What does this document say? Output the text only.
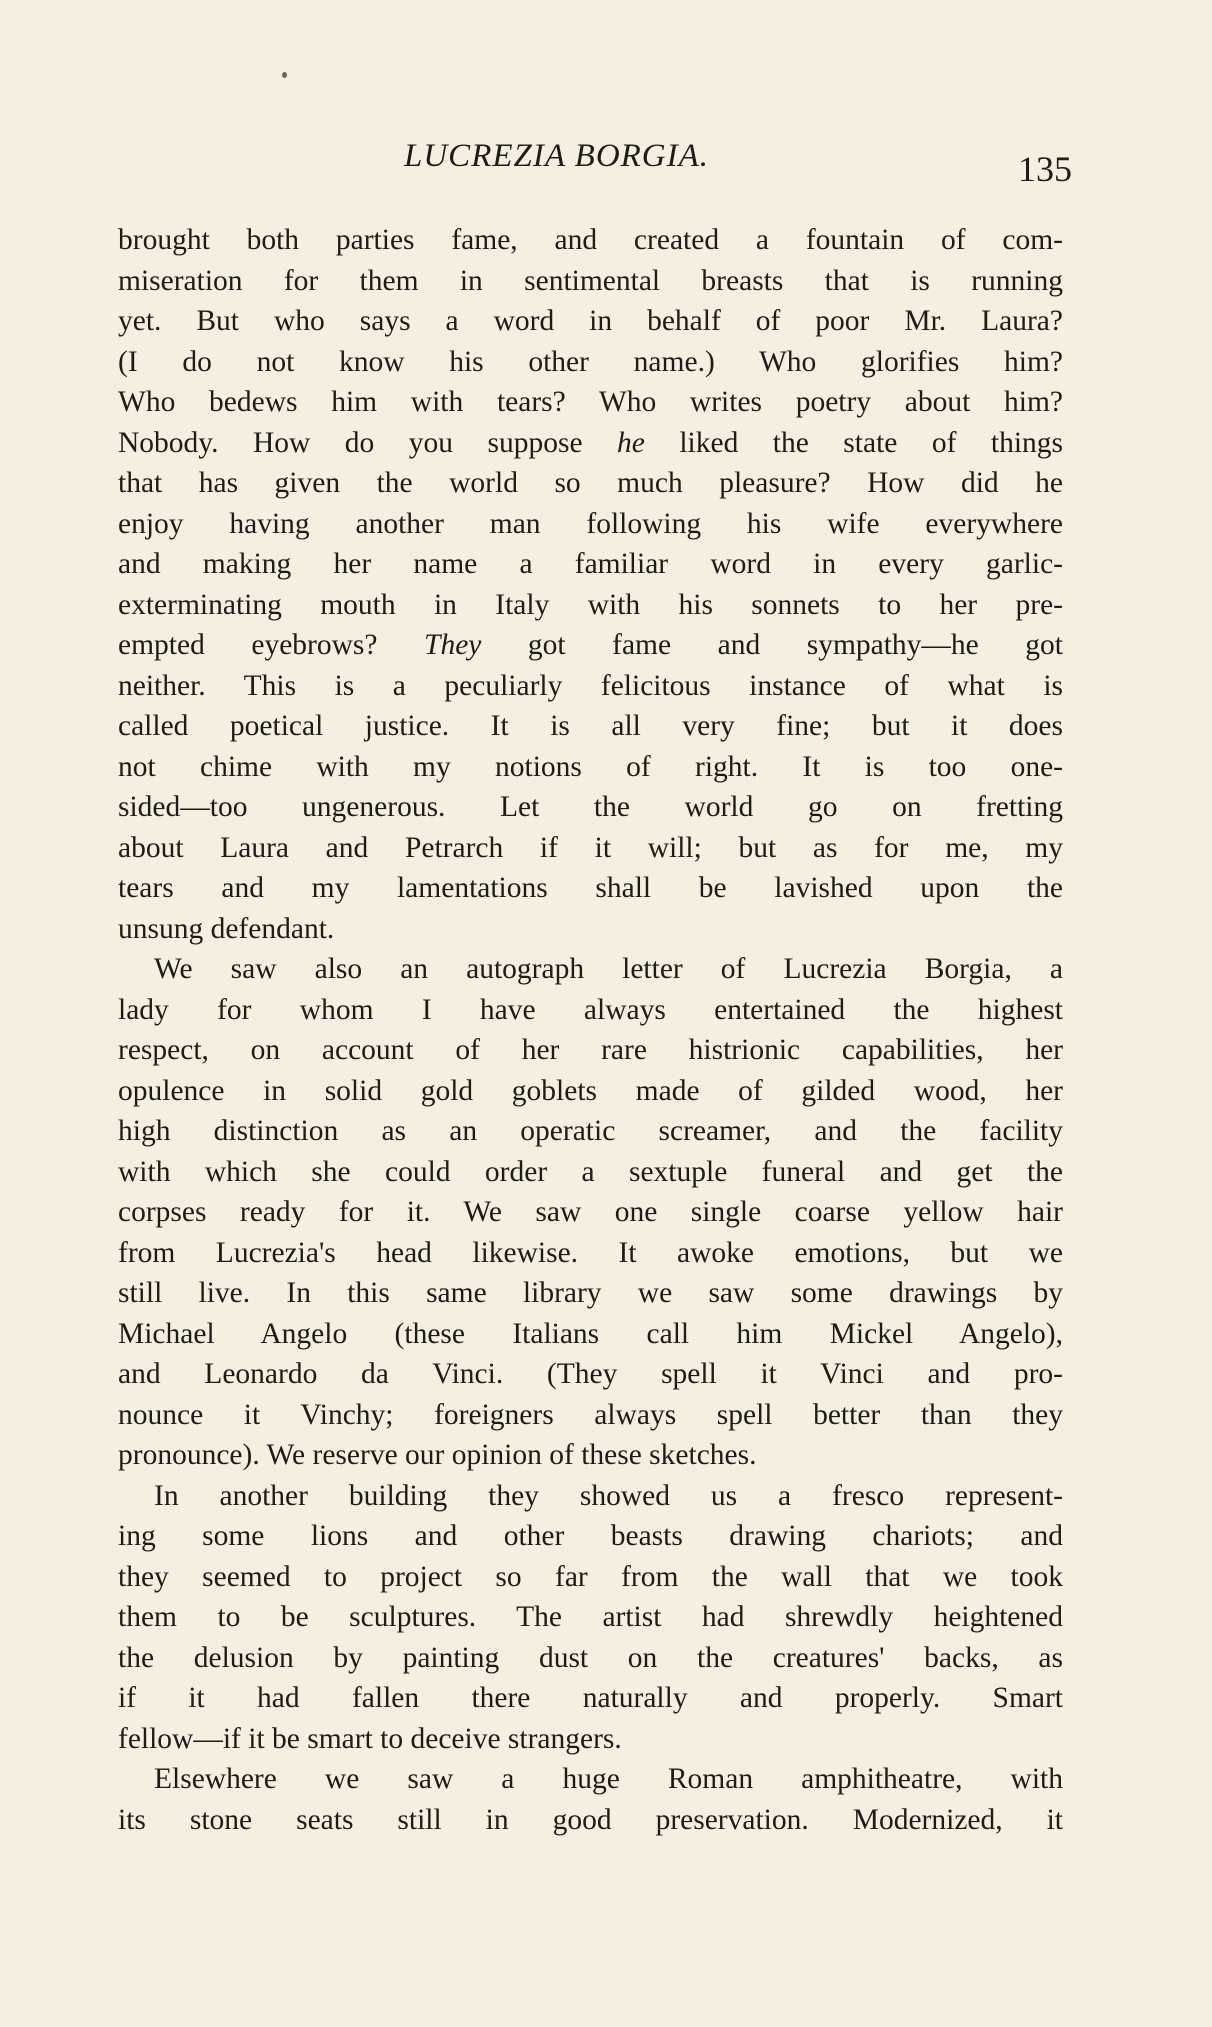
LUCREZIA BORGIA.	135
brought both parties fame, and created a fountain of com-
miseration for them in sentimental breasts that is running
yet. But who says a word in behalf of poor Mr. Laura?
(I do not know his other name.) Who glorifies him?
Who bedews him with tears? Who writes poetry about him?
Nobody. How do you suppose he liked the state of things
that has given the world so much pleasure? How did he
enjoy having another man following his wife everywhere
and making her name a familiar word in every garlic-
exterminating mouth in Italy with his sonnets to her pre-
empted eyebrows? They got fame and sympathy—he got
neither. This is a peculiarly felicitous instance of what is
called poetical justice. It is all very fine; but it does
not chime with my notions of right. It is too one-
sided—too ungenerous. Let the world go on fretting
about Laura and Petrarch if it will; but as for me, my
tears and my lamentations shall be lavished upon the
unsung defendant.
We saw also an autograph letter of Lucrezia Borgia, a
lady for whom I have always entertained the highest
respect, on account of her rare histrionic capabilities, her
opulence in solid gold goblets made of gilded wood, her
high distinction as an operatic screamer, and the facility
with which she could order a sextuple funeral and get the
corpses ready for it. We saw one single coarse yellow hair
from Lucrezia's head likewise. It awoke emotions, but we
still live. In this same library we saw some drawings by
Michael Angelo (these Italians call him Mickel Angelo),
and Leonardo da Vinci. (They spell it Vinci and pro-
nounce it Vinchy; foreigners always spell better than they
pronounce). We reserve our opinion of these sketches.
In another building they showed us a fresco represent-
ing some lions and other beasts drawing chariots; and
they seemed to project so far from the wall that we took
them to be sculptures. The artist had shrewdly heightened
the delusion by painting dust on the creatures' backs, as
if it had fallen there naturally and properly. Smart
fellow—if it be smart to deceive strangers.
Elsewhere we saw a huge Roman amphitheatre, with
its stone seats still in good preservation. Modernized, it
